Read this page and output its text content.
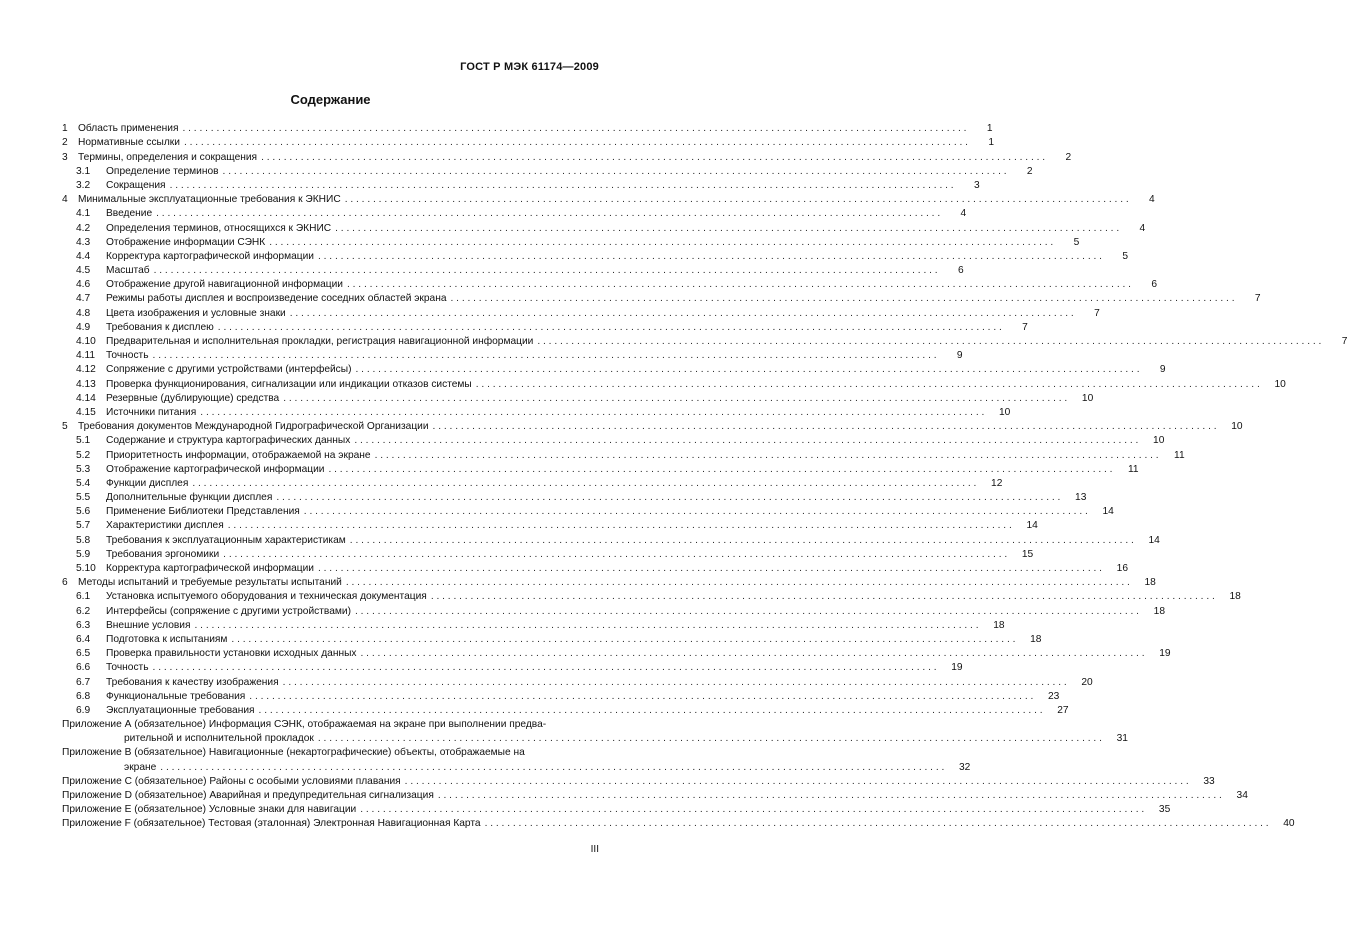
ГОСТ Р МЭК 61174—2009
Содержание
1	Область применения . . .	1
2	Нормативные ссылки . . .	1
3	Термины, определения и сокращения . . .	2
3.1	Определение терминов . . .	2
3.2	Сокращения . . .	3
4	Минимальные эксплуатационные требования к ЭКНИС . . .	4
4.1	Введение . . .	4
4.2	Определения терминов, относящихся к ЭКНИС . . .	4
4.3	Отображение информации СЭНК . . .	5
4.4	Корректура картографической информации . . .	5
4.5	Масштаб . . .	6
4.6	Отображение другой навигационной информации . . .	6
4.7	Режимы работы дисплея и воспроизведение соседних областей экрана . . .	7
4.8	Цвета изображения и условные знаки . . .	7
4.9	Требования к дисплею . . .	7
4.10 Предварительная и исполнительная прокладки, регистрация навигационной информации . . .	7
4.11	Точность . . .	9
4.12 Сопряжение с другими устройствами (интерфейсы) . . .	9
4.13 Проверка функционирования, сигнализации или индикации отказов системы . . .	10
4.14 Резервные (дублирующие) средства . . .	10
4.15 Источники питания . . .	10
5	Требования документов Международной Гидрографической Организации . . .	10
5.1	Содержание и структура картографических данных . . .	10
5.2	Приоритетность информации, отображаемой на экране . . .	11
5.3	Отображение картографической информации . . .	11
5.4	Функции дисплея . . .	12
5.5	Дополнительные функции дисплея . . .	13
5.6	Применение Библиотеки Представления . . .	14
5.7	Характеристики дисплея . . .	14
5.8	Требования к эксплуатационным характеристикам . . .	14
5.9	Требования эргономики . . .	15
5.10 Корректура картографической информации . . .	16
6	Методы испытаний и требуемые результаты испытаний . . .	18
6.1	Установка испытуемого оборудования и техническая документация . . .	18
6.2	Интерфейсы (сопряжение с другими устройствами) . . .	18
6.3	Внешние условия . . .	18
6.4	Подготовка к испытаниям . . .	18
6.5	Проверка правильности установки исходных данных . . .	19
6.6	Точность . . .	19
6.7	Требования к качеству изображения . . .	20
6.8	Функциональные требования . . .	23
6.9	Эксплуатационные требования . . .	27
Приложение А (обязательное) Информация СЭНК, отображаемая на экране при выполнении предва-
рительной и исполнительной прокладок . . .	31
Приложение В (обязательное) Навигационные (некартографические) объекты, отображаемые на
экране . . .	32
Приложение С (обязательное) Районы с особыми условиями плавания . . .	33
Приложение D (обязательное) Аварийная и предупредительная сигнализация . . .	34
Приложение Е (обязательное) Условные знаки для навигации . . .	35
Приложение F (обязательное) Тестовая (эталонная) Электронная Навигационная Карта . . .	40
III
